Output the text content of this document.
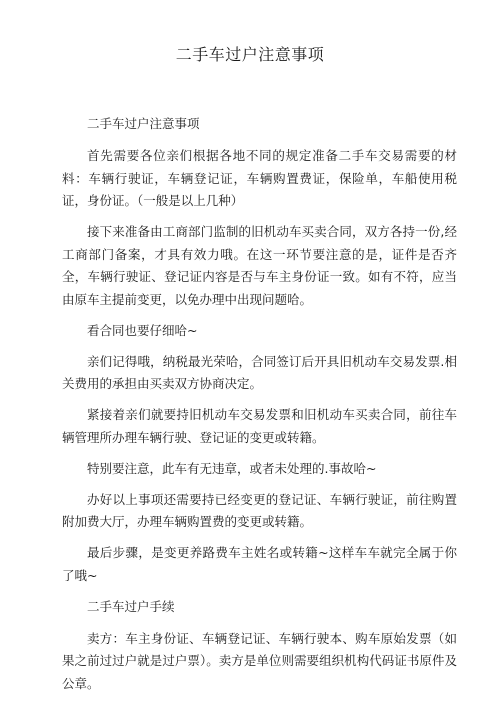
二手车过户注意事项

二手车过户注意事项

首先需要各位亲们根据各地不同的规定准备二手车交易需要的材料：车辆行驶证，车辆登记证，车辆购置费证，保险单，车船使用税证，身份证。（一般是以上几种）

接下来准备由工商部门监制的旧机动车买卖合同，双方各持一份,经工商部门备案，才具有效力哦。在这一环节要注意的是，证件是否齐全，车辆行驶证、登记证内容是否与车主身份证一致。如有不符，应当由原车主提前变更，以免办理中出现问题哈。

看合同也要仔细哈~

亲们记得哦，纳税最光荣哈，合同签订后开具旧机动车交易发票.相关费用的承担由买卖双方协商决定。

紧接着亲们就要持旧机动车交易发票和旧机动车买卖合同，前往车辆管理所办理车辆行驶、登记证的变更或转籍。

特别要注意，此车有无违章，或者未处理的.事故哈~

办好以上事项还需要持已经变更的登记证、车辆行驶证，前往购置附加费大厅，办理车辆购置费的变更或转籍。

最后步骤，是变更养路费车主姓名或转籍~这样车车就完全属于你了哦~

二手车过户手续

卖方：车主身份证、车辆登记证、车辆行驶本、购车原始发票（如果之前过过户就是过户票）。卖方是单位则需要组织机构代码证书原件及公章。
